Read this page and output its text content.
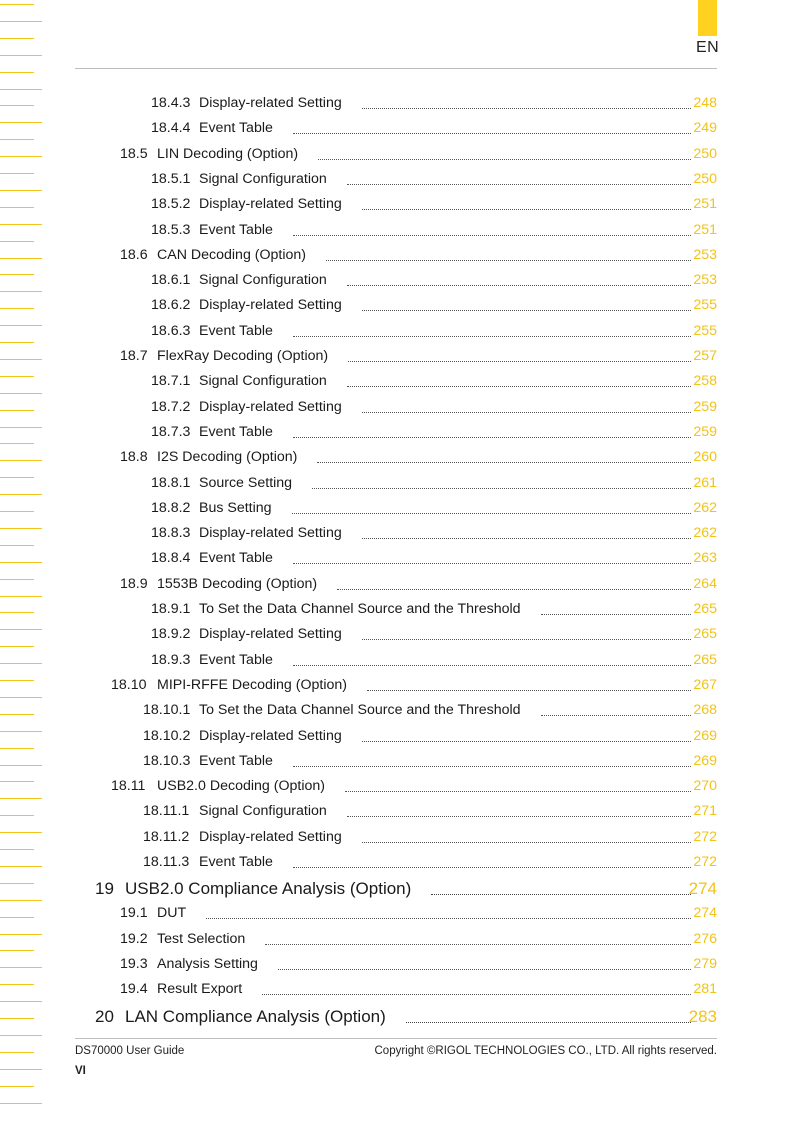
EN
18.4.3 Display-related Setting	248
18.4.4 Event Table	249
18.5 LIN Decoding (Option)	250
18.5.1 Signal Configuration	250
18.5.2 Display-related Setting	251
18.5.3 Event Table	251
18.6 CAN Decoding (Option)	253
18.6.1 Signal Configuration	253
18.6.2 Display-related Setting	255
18.6.3 Event Table	255
18.7 FlexRay Decoding (Option)	257
18.7.1 Signal Configuration	258
18.7.2 Display-related Setting	259
18.7.3 Event Table	259
18.8 I2S Decoding (Option)	260
18.8.1 Source Setting	261
18.8.2 Bus Setting	262
18.8.3 Display-related Setting	262
18.8.4 Event Table	263
18.9 1553B Decoding (Option)	264
18.9.1 To Set the Data Channel Source and the Threshold	265
18.9.2 Display-related Setting	265
18.9.3 Event Table	265
18.10 MIPI-RFFE Decoding (Option)	267
18.10.1 To Set the Data Channel Source and the Threshold	268
18.10.2 Display-related Setting	269
18.10.3 Event Table	269
18.11 USB2.0 Decoding (Option)	270
18.11.1 Signal Configuration	271
18.11.2 Display-related Setting	272
18.11.3 Event Table	272
19 USB2.0 Compliance Analysis (Option)	274
19.1 DUT	274
19.2 Test Selection	276
19.3 Analysis Setting	279
19.4 Result Export	281
20 LAN Compliance Analysis (Option)	283
DS70000 User Guide	Copyright ©RIGOL TECHNOLOGIES CO., LTD. All rights reserved.
VI
